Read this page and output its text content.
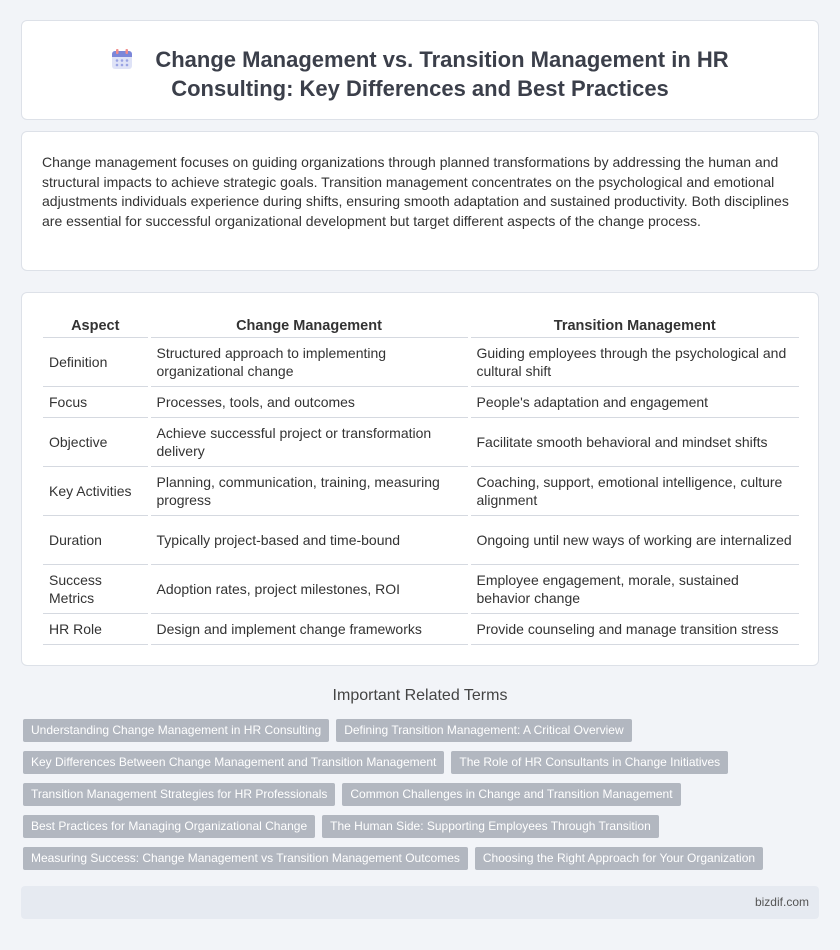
Change Management vs. Transition Management in HR Consulting: Key Differences and Best Practices

Change management focuses on guiding organizations through planned transformations by addressing the human and structural impacts to achieve strategic goals. Transition management concentrates on the psychological and emotional adjustments individuals experience during shifts, ensuring smooth adaptation and sustained productivity. Both disciplines are essential for successful organizational development but target different aspects of the change process.

Aspect	Change Management	Transition Management
Definition	Structured approach to implementing organizational change	Guiding employees through the psychological and cultural shift
Focus	Processes, tools, and outcomes	People's adaptation and engagement
Objective	Achieve successful project or transformation delivery	Facilitate smooth behavioral and mindset shifts
Key Activities	Planning, communication, training, measuring progress	Coaching, support, emotional intelligence, culture alignment
Duration	Typically project-based and time-bound	Ongoing until new ways of working are internalized
Success Metrics	Adoption rates, project milestones, ROI	Employee engagement, morale, sustained behavior change
HR Role	Design and implement change frameworks	Provide counseling and manage transition stress
Important Related Terms
Understanding Change Management in HR Consulting	Defining Transition Management: A Critical Overview
Key Differences Between Change Management and Transition Management	The Role of HR Consultants in Change Initiatives
Transition Management Strategies for HR Professionals	Common Challenges in Change and Transition Management
Best Practices for Managing Organizational Change	The Human Side: Supporting Employees Through Transition
Measuring Success: Change Management vs Transition Management Outcomes	Choosing the Right Approach for Your Organization
bizdif.com
